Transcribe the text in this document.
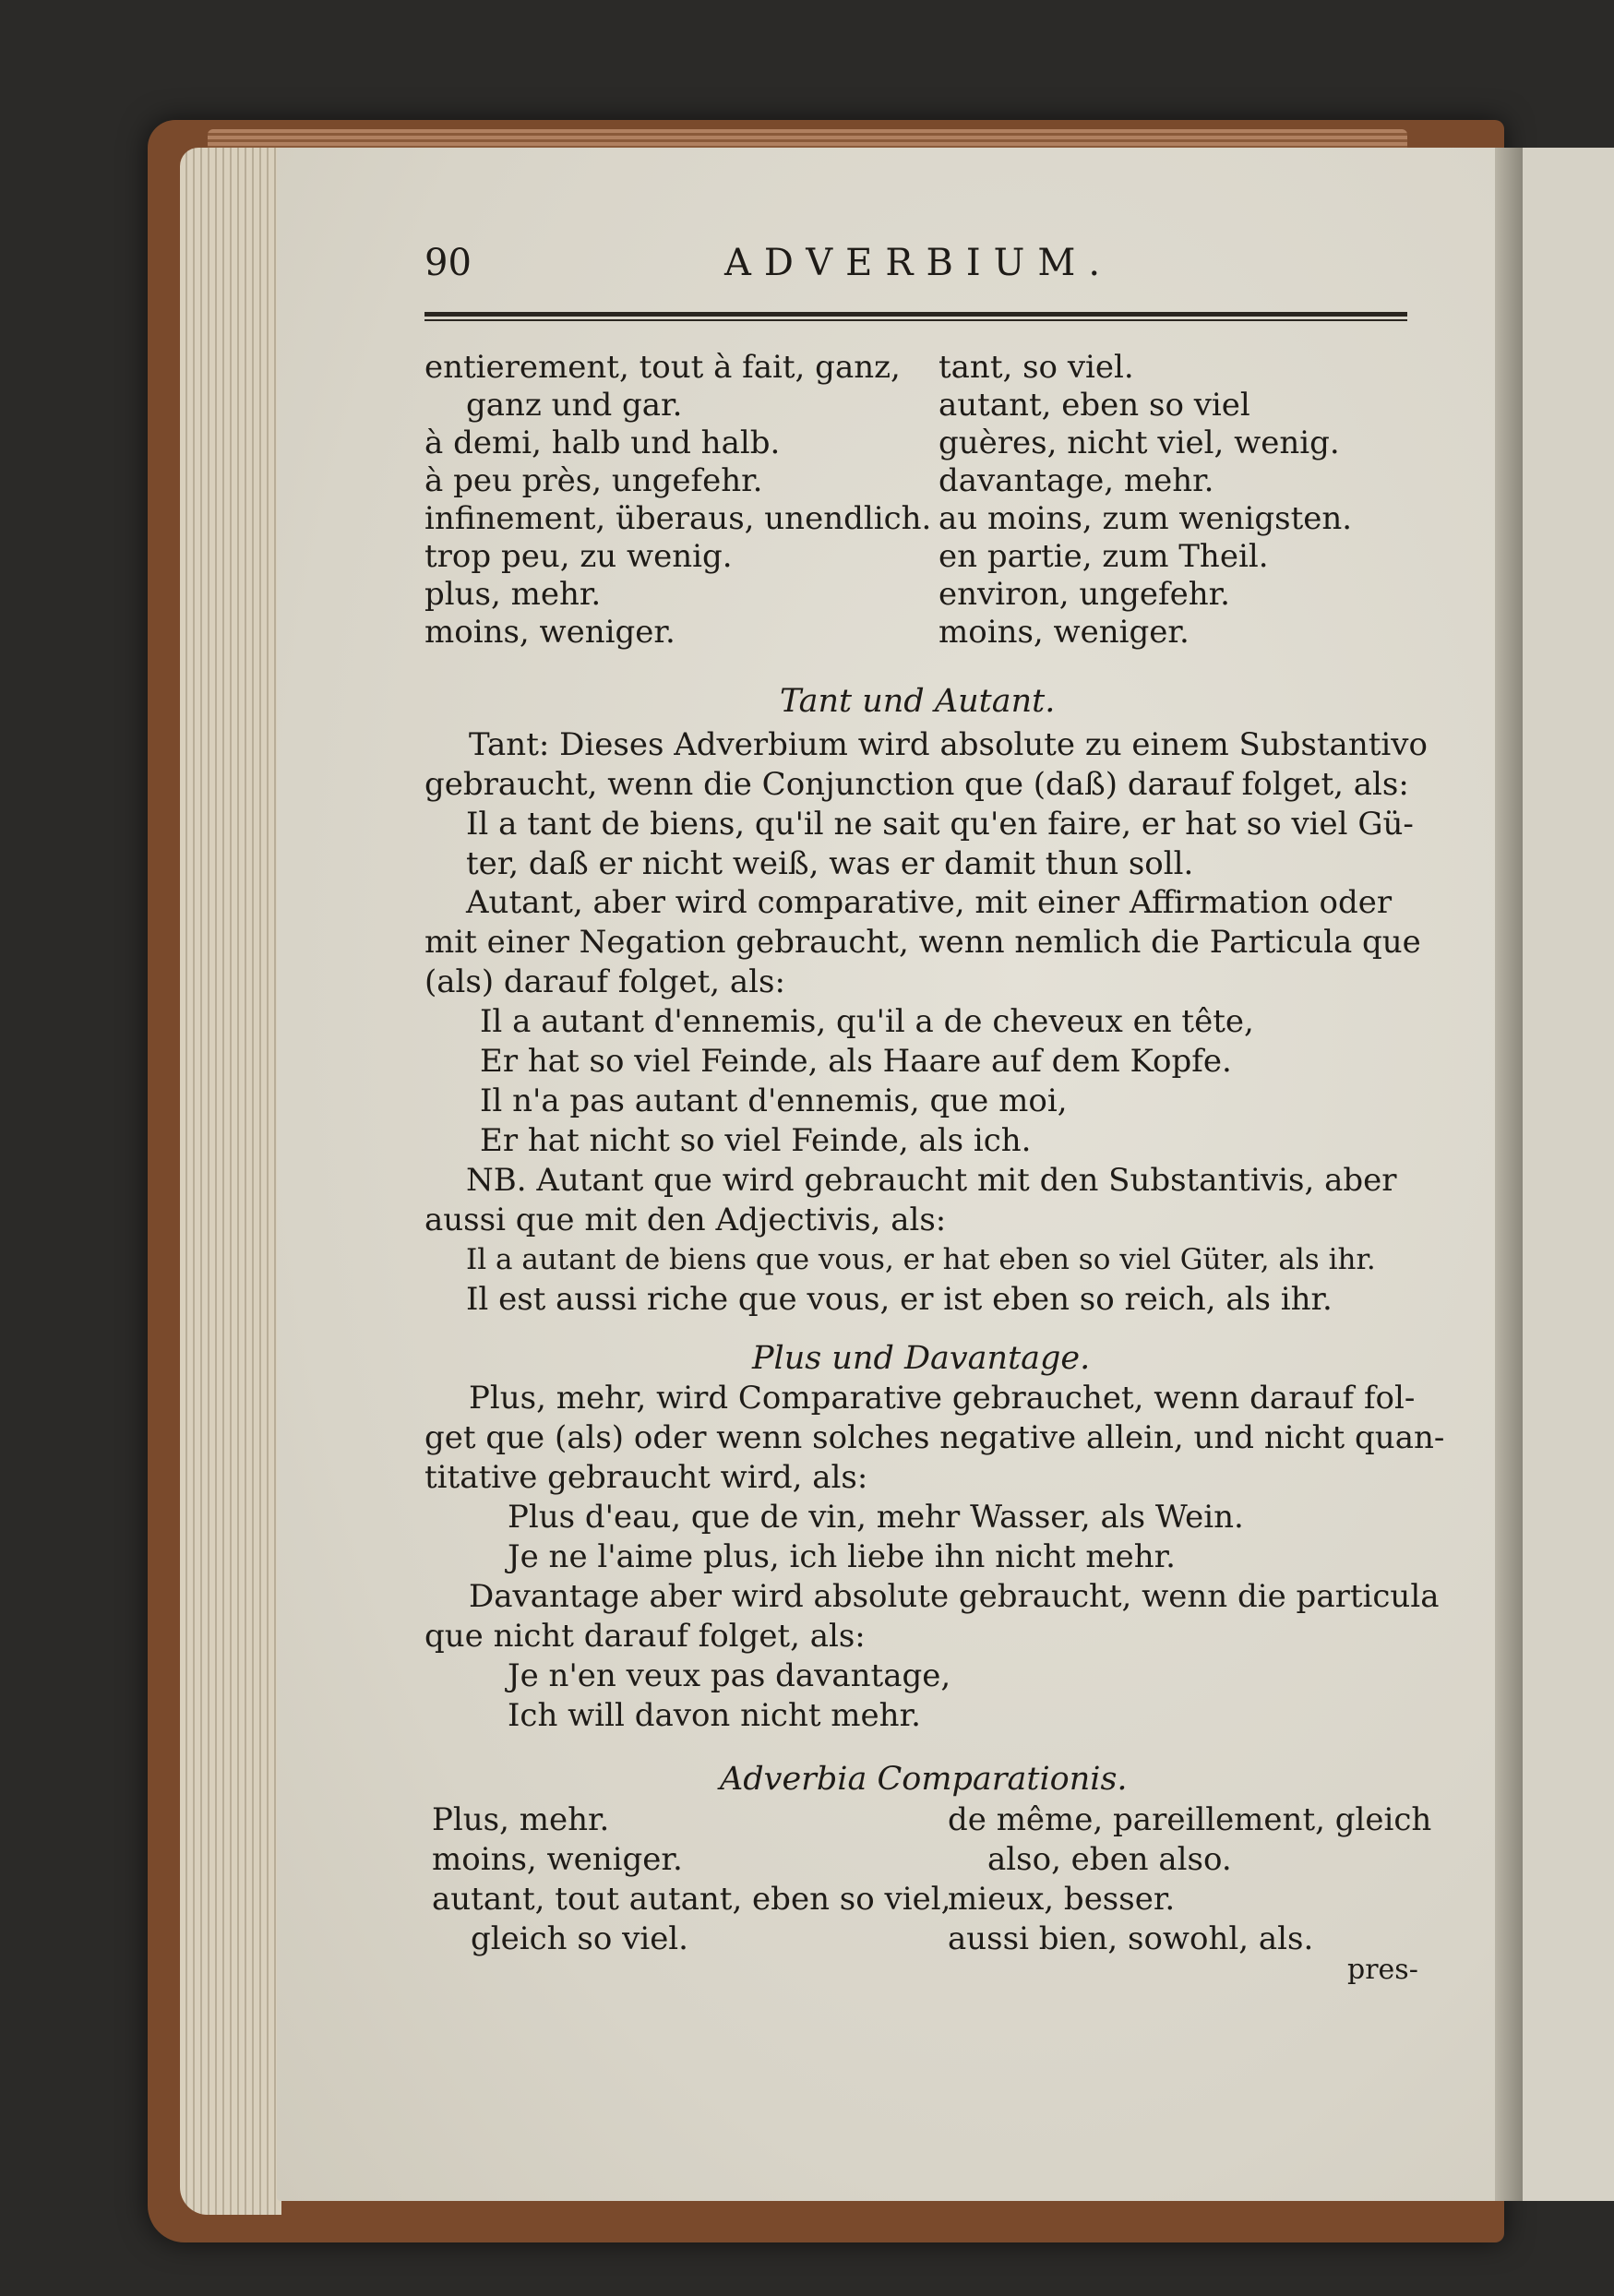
90	ADVERBIUM.
entierement, tout à fait, ganz,
ganz und gar.
à demi, halb und halb.
à peu près, ungefehr.
infinement, überaus, unendlich.
trop peu, zu wenig.
plus, mehr.
moins, weniger.
tant, so viel.
autant, eben so viel
guères, nicht viel, wenig.
davantage, mehr.
au moins, zum wenigsten.
en partie, zum Theil.
environ, ungefehr.
moins, weniger.
Tant und Autant.
Tant: Dieses Adverbium wird absolute zu einem Substantivo
gebraucht, wenn die Conjunction que (daß) darauf folget, als:
Il a tant de biens, qu'il ne sait qu'en faire, er hat so viel Gü-
ter, daß er nicht weiß, was er damit thun soll.
Autant, aber wird comparative, mit einer Affirmation oder
mit einer Negation gebraucht, wenn nemlich die Particula que
(als) darauf folget, als:
Il a autant d'ennemis, qu'il a de cheveux en tête,
Er hat so viel Feinde, als Haare auf dem Kopfe.
Il n'a pas autant d'ennemis, que moi,
Er hat nicht so viel Feinde, als ich.
NB. Autant que wird gebraucht mit den Substantivis, aber
aussi que mit den Adjectivis, als:
Il a autant de biens que vous, er hat eben so viel Güter, als ihr.
Il est aussi riche que vous, er ist eben so reich, als ihr.
Plus und Davantage.
Plus, mehr, wird Comparative gebrauchet, wenn darauf fol-
get que (als) oder wenn solches negative allein, und nicht quan-
titative gebraucht wird, als:
Plus d'eau, que de vin, mehr Wasser, als Wein.
Je ne l'aime plus, ich liebe ihn nicht mehr.
Davantage aber wird absolute gebraucht, wenn die particula
que nicht darauf folget, als:
Je n'en veux pas davantage,
Ich will davon nicht mehr.
Adverbia Comparationis.
Plus, mehr.
moins, weniger.
autant, tout autant, eben so viel,
gleich so viel.
de même, pareillement, gleich
also, eben also.
mieux, besser.
aussi bien, sowohl, als.
pres-
